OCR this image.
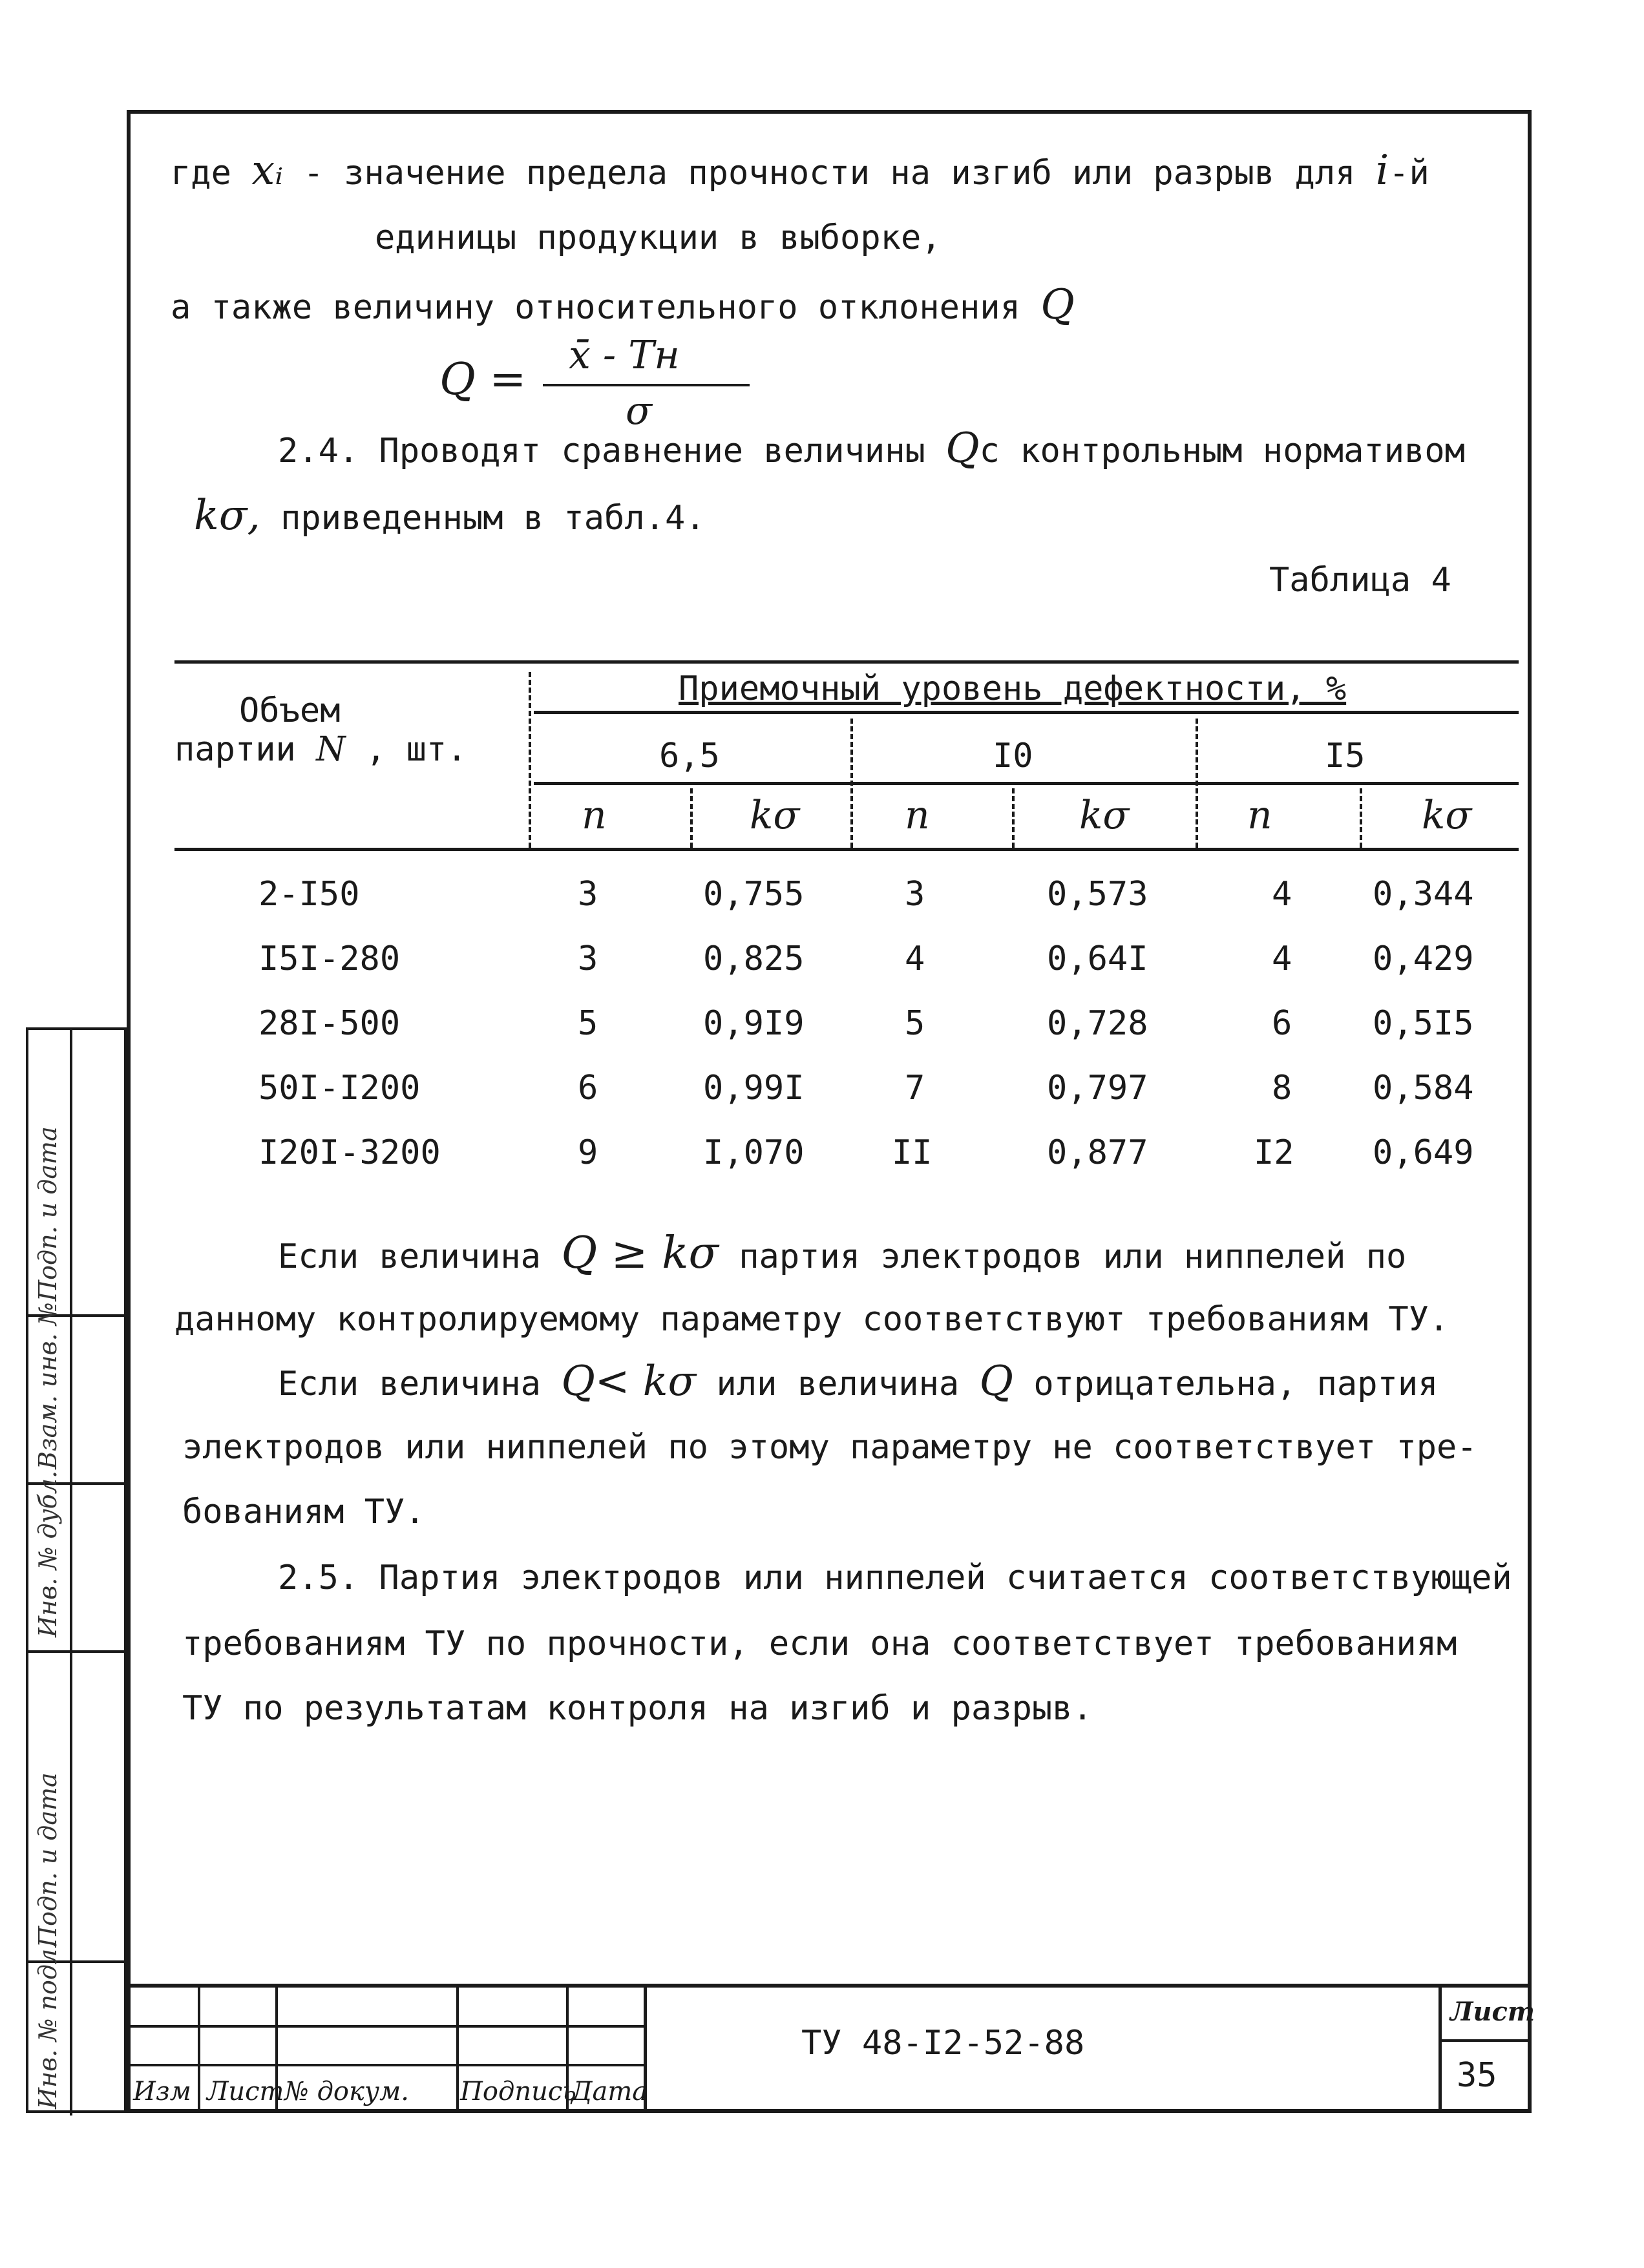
где xᵢ - значение предела прочности на изгиб или разрыв для i-й
единицы продукции в выборке,
а также величину относительного отклонения Q
Q = x̄ - Tн
σ
2.4. Проводят сравнение величины Qс контрольным нормативом
kσ, приведенным в табл.4.
Таблица 4
Объем
партии N , шт.
Приемочный уровень дефектности, %
6,5	I0	I5
n	kσ	n	kσ	n	kσ
2-I50	3	0,755	3	0,573	4 0,344
I5I-280	3	0,825	4	0,64I	4 0,429
28I-500	5	0,9I9	5	0,728	6 0,5I5
50I-I200	6	0,99I	7	0,797	8 0,584
I20I-3200	9	I,070	II	0,877	I2 0,649
Если величина Q ≥ kσ партия электродов или ниппелей по
данному контролируемому параметру соответствуют требованиям ТУ.
Если величина Q< kσ или величина Q отрицательна, партия
электродов или ниппелей по этому параметру не соответствует тре-
бованиям ТУ.
2.5. Партия электродов или ниппелей считается соответствующей
требованиям ТУ по прочности, если она соответствует требованиям
ТУ по результатам контроля на изгиб и разрыв.
Изм Лист № докум. Подпись
Дата
ТУ 48-I2-52-88
Лист
35
Подп. и дата
Взам. инв. №
Инв. № дубл.
Подп. и дата
Инв. № подл.
